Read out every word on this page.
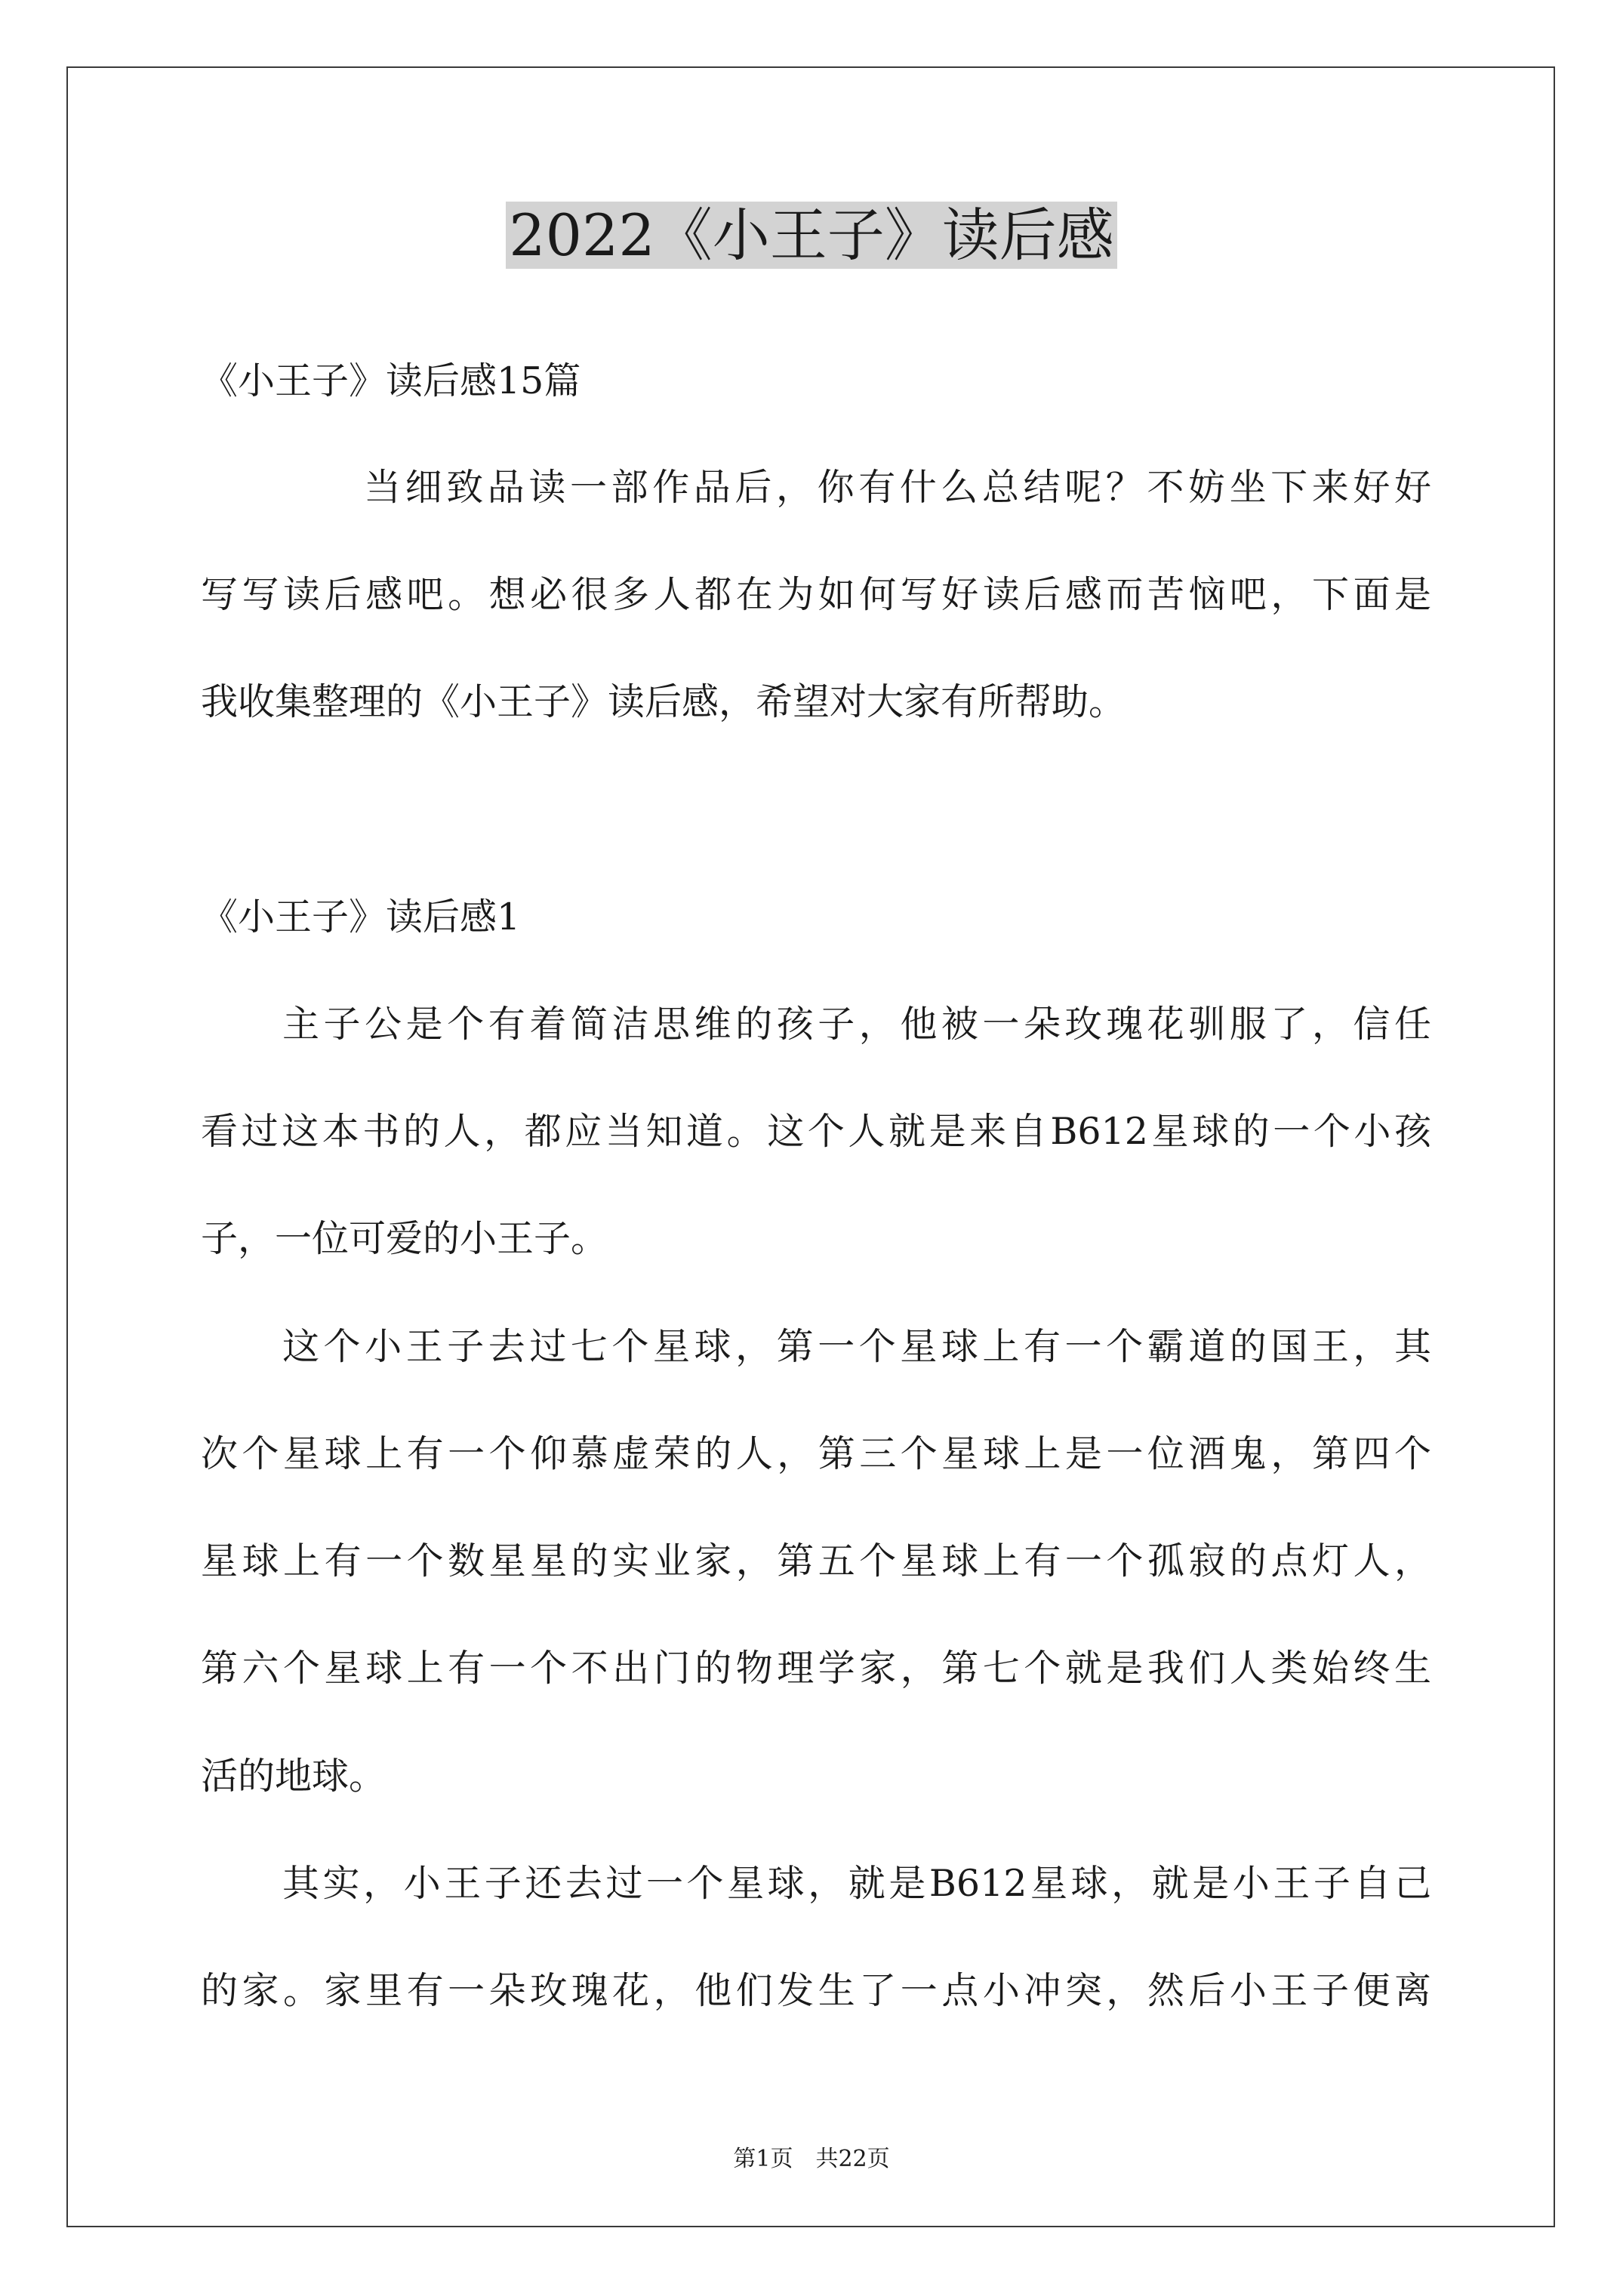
2022《小王子》读后感

《小王子》读后感15篇

当细致品读一部作品后，你有什么总结呢？不妨坐下来好好

写写读后感吧。想必很多人都在为如何写好读后感而苦恼吧，下面是

我收集整理的《小王子》读后感，希望对大家有所帮助。

《小王子》读后感1

主子公是个有着简洁思维的孩子，他被一朵玫瑰花驯服了，信任

看过这本书的人，都应当知道。这个人就是来自B612星球的一个小孩

子，一位可爱的小王子。

这个小王子去过七个星球，第一个星球上有一个霸道的国王，其

次个星球上有一个仰慕虚荣的人，第三个星球上是一位酒鬼，第四个

星球上有一个数星星的实业家，第五个星球上有一个孤寂的点灯人，

第六个星球上有一个不出门的物理学家，第七个就是我们人类始终生

活的地球。

其实，小王子还去过一个星球，就是B612星球，就是小王子自己

的家。家里有一朵玫瑰花，他们发生了一点小冲突，然后小王子便离

第1页　共22页
